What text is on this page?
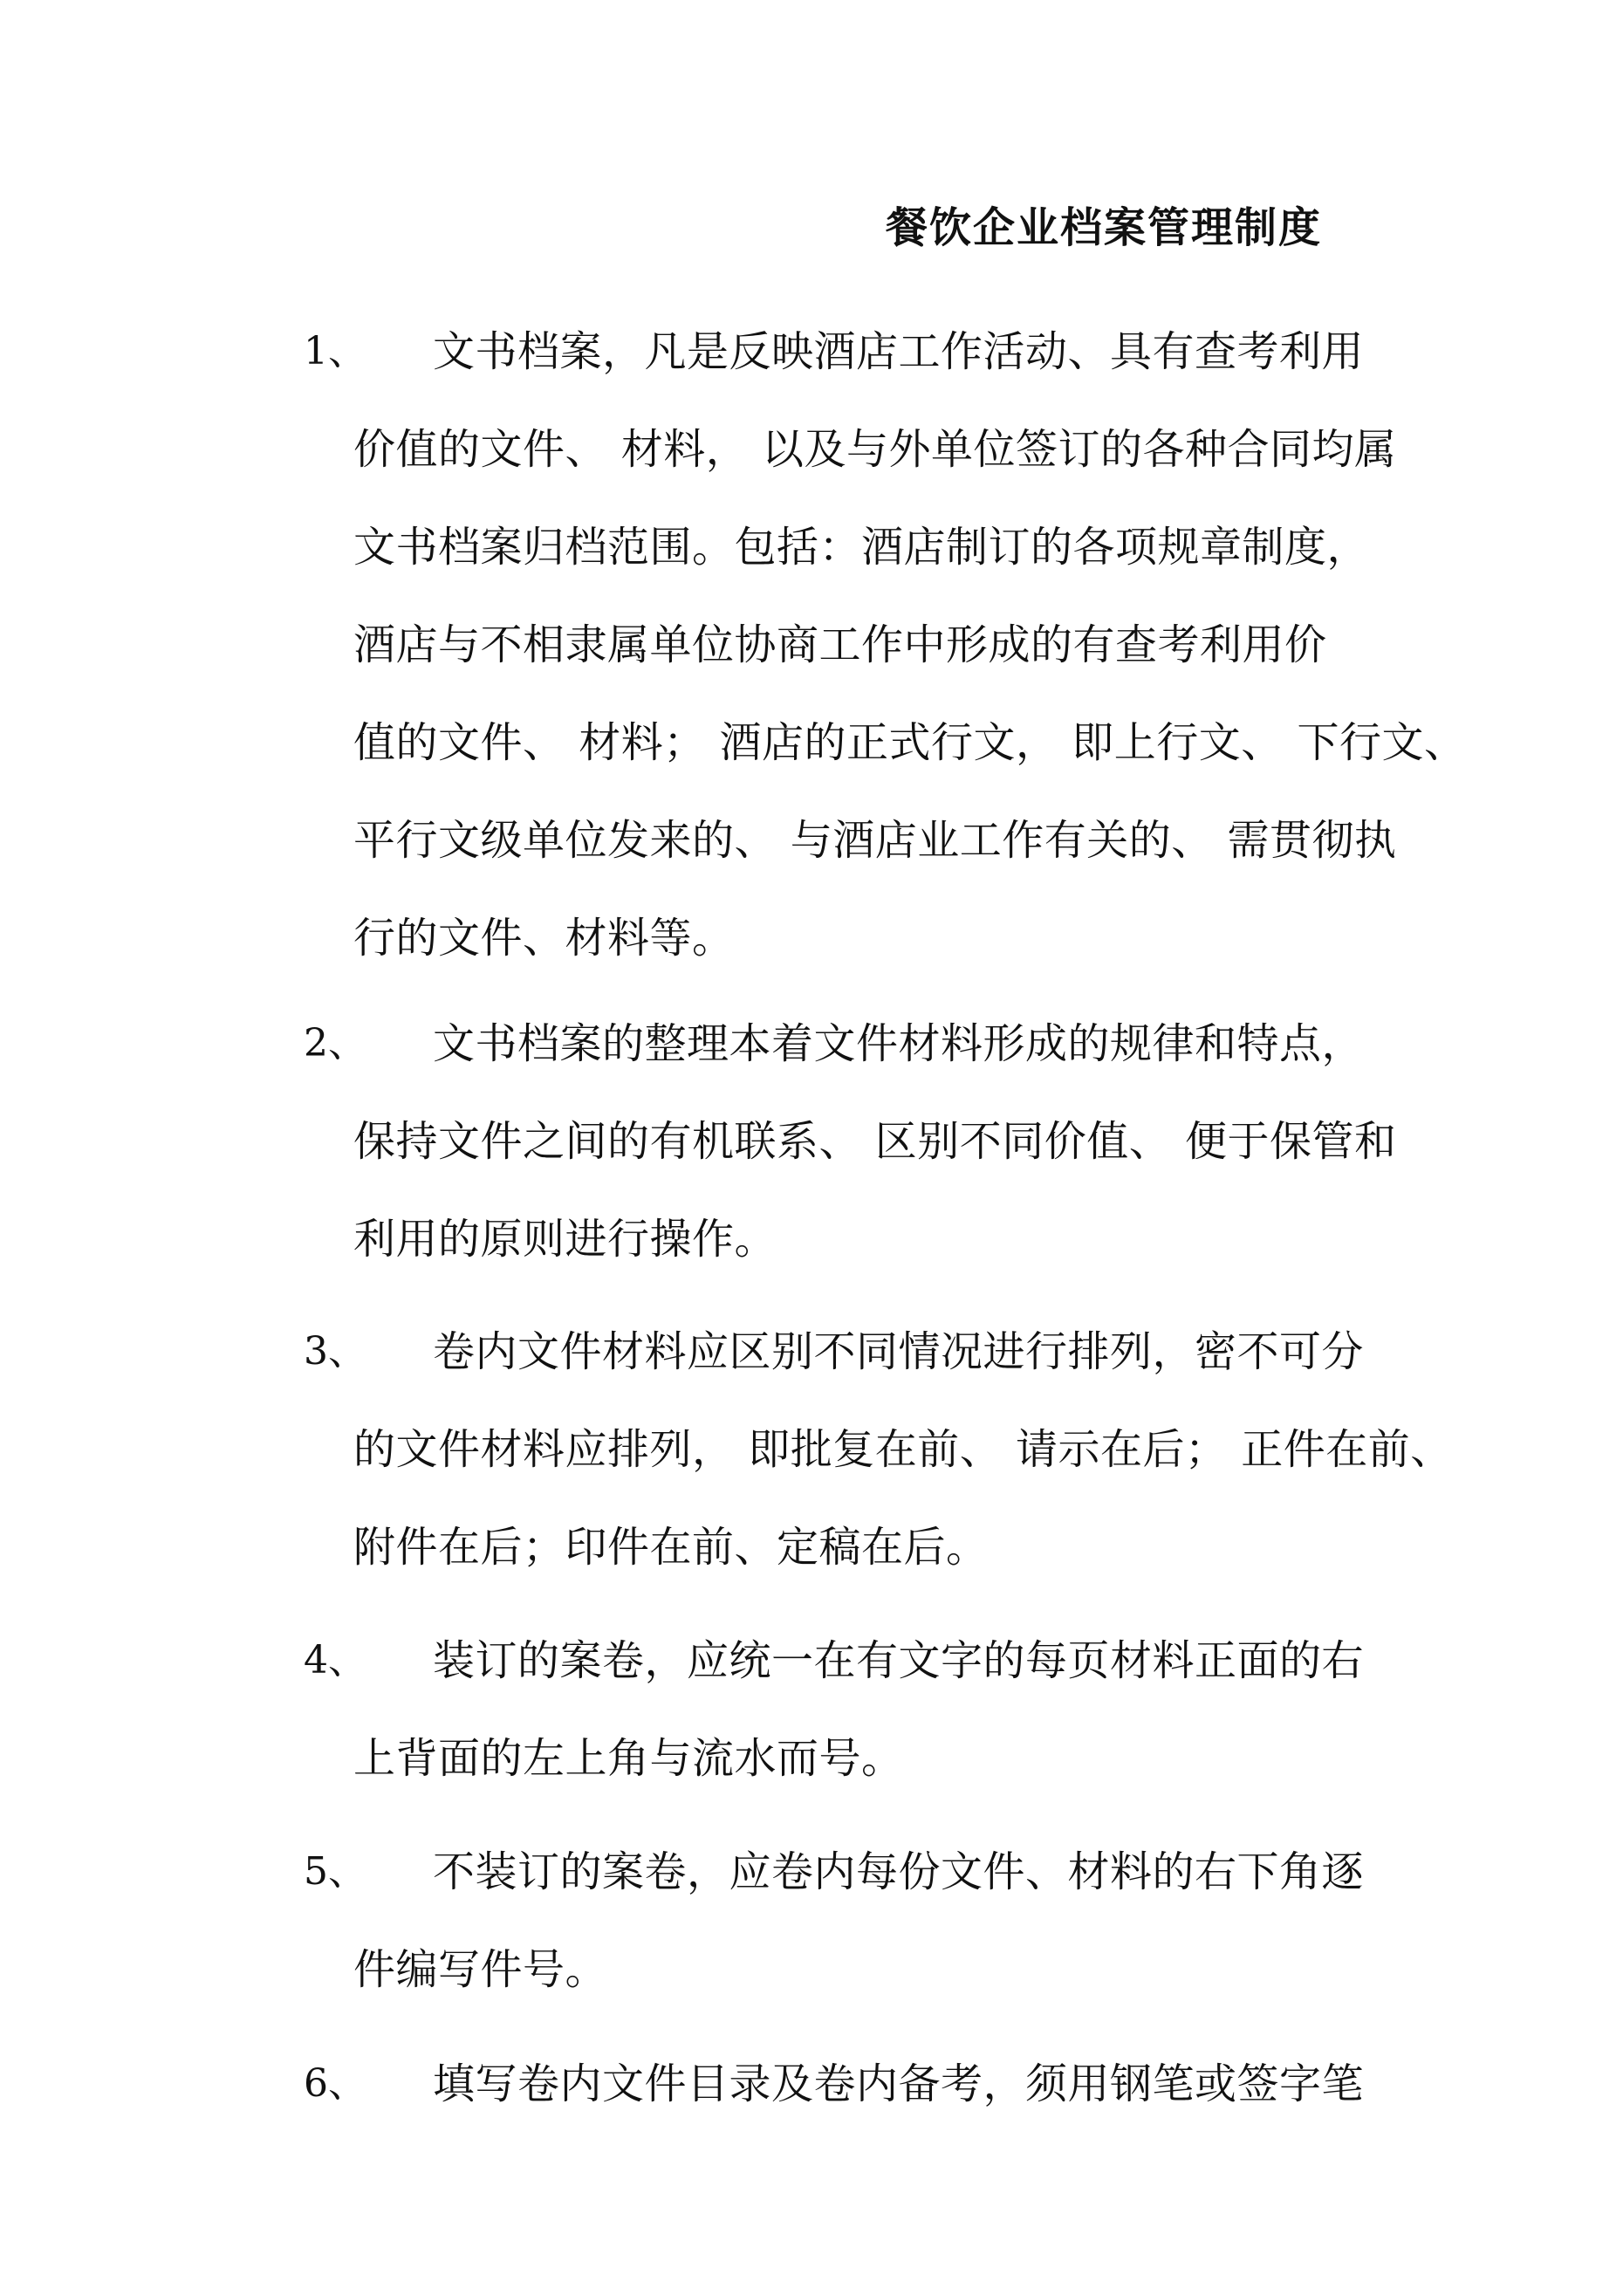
餐饮企业档案管理制度
1、 文书档案，凡是反映酒店工作活动、具有查考利用
价值的文件、 材料， 以及与外单位签订的各种合同均属
文书档案归档范围。包括：酒店制订的各项规章制度，
酒店与不相隶属单位协商工作中形成的有查考利用价
值的文件、 材料； 酒店的正式行文， 即上行文、 下行文、
平行文级单位发来的、 与酒店业工作有关的、 需贯彻执
行的文件、材料等。
2、 文书档案的整理本着文件材料形成的规律和特点，
保持文件之间的有机联系、 区别不同价值、 便于保管和
利用的原则进行操作。
3、 卷内文件材料应区别不同情况进行排列，密不可分
的文件材料应排列， 即批复在前、 请示在后； 正件在前、
附件在后；印件在前、定稿在后。
4、 装订的案卷，应统一在有文字的每页材料正面的右
上背面的左上角与流水而号。
5、 不装订的案卷，应卷内每份文件、材料的右下角逐
件编写件号。
6、 填写卷内文件目录及卷内备考，须用钢笔或签字笔
